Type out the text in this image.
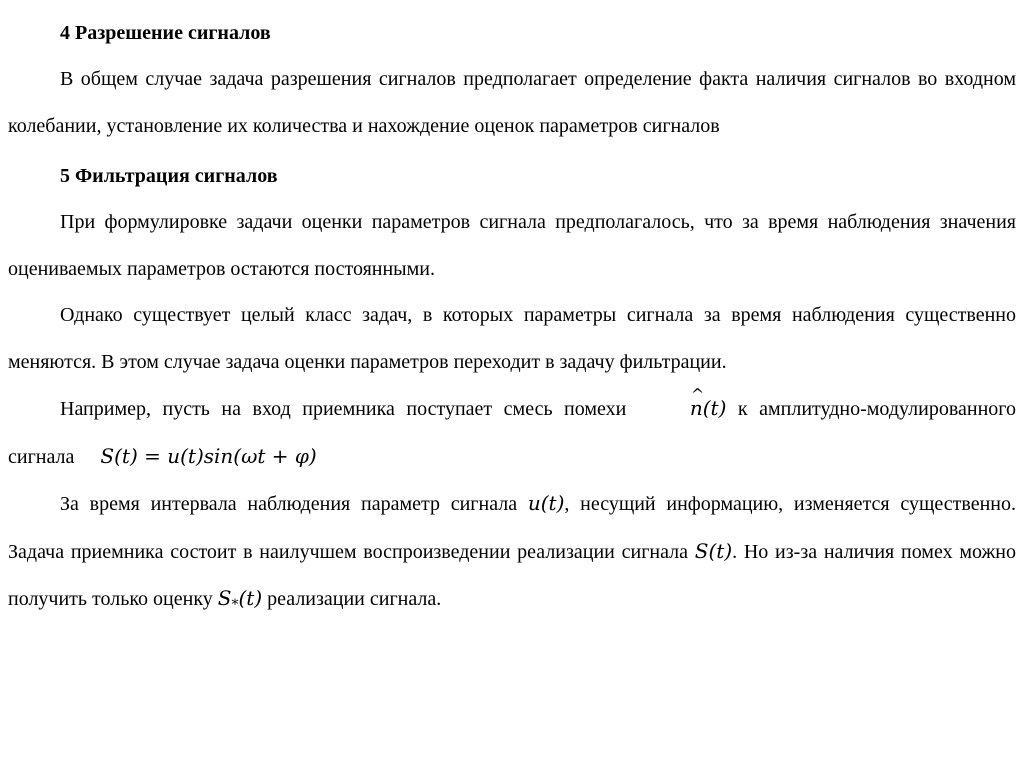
4 Разрешение сигналов

В общем случае задача разрешения сигналов предполагает определение факта наличия сигналов во входном колебании, установление их количества и нахождение оценок параметров сигналов

5 Фильтрация сигналов

При формулировке задачи оценки параметров сигнала предполагалось, что за время наблюдения значения оцениваемых параметров остаются постоянными.

Однако существует целый класс задач, в которых параметры сигнала за время наблюдения существенно меняются. В этом случае задача оценки параметров переходит в задачу фильтрации.

Например, пусть на вход приемника поступает смесь помехи ^	n(t) к амплитудно-модулированного сигнала S(t) = u(t)sin(ωt + φ)

За время интервала наблюдения параметр сигнала u(t), несущий информацию, изменяется существенно. Задача приемника состоит в наилучшем воспроизведении реализации сигнала S(t). Но из-за наличия помех можно получить только оценку $S_*(t)$ реализации сигнала.
